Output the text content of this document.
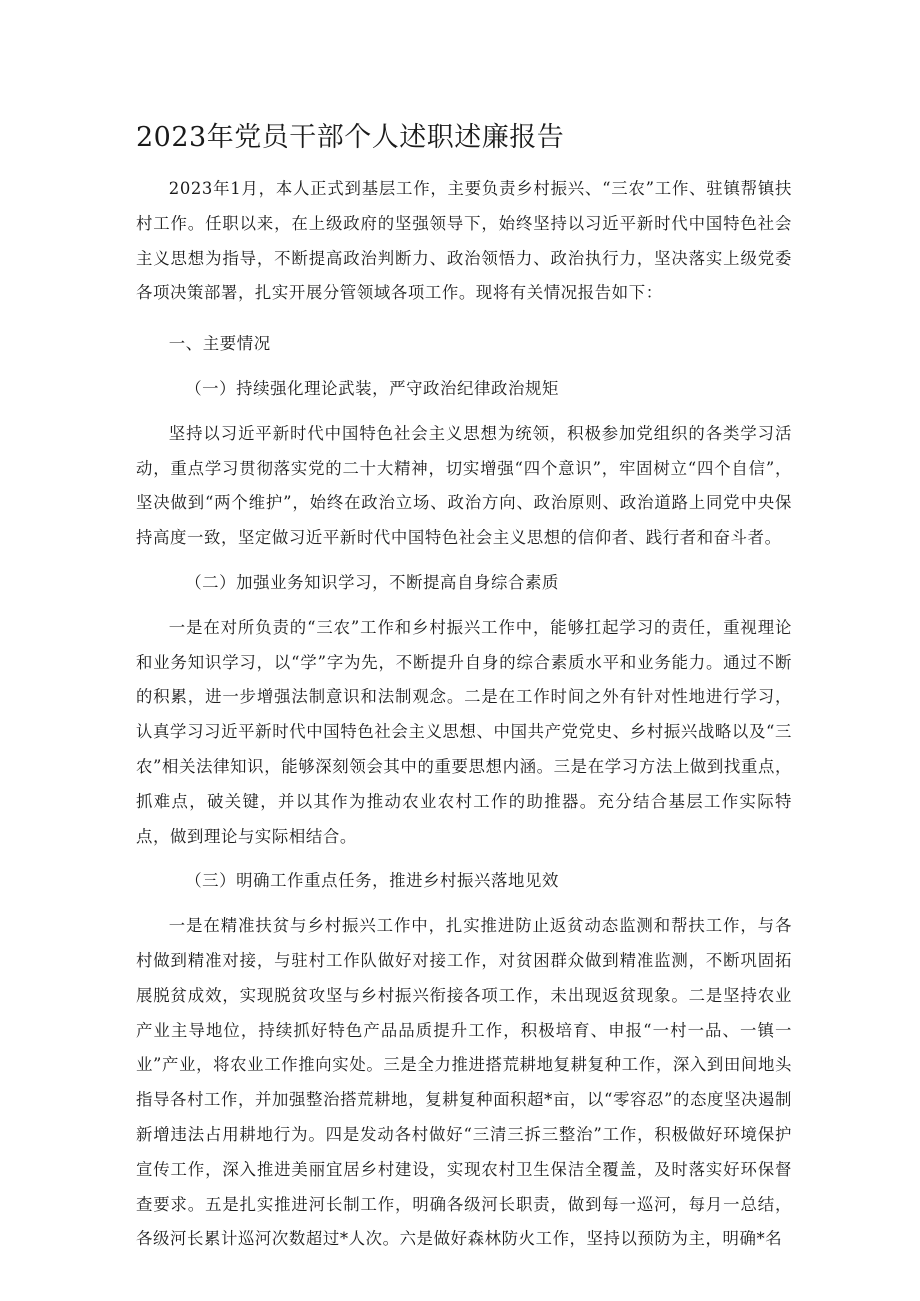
2023年党员干部个人述职述廉报告

2023年1月，本人正式到基层工作，主要负责乡村振兴、“三农”工作、驻镇帮镇扶村工作。任职以来，在上级政府的坚强领导下，始终坚持以习近平新时代中国特色社会主义思想为指导，不断提高政治判断力、政治领悟力、政治执行力，坚决落实上级党委各项决策部署，扎实开展分管领域各项工作。现将有关情况报告如下：

一、主要情况

（一）持续强化理论武装，严守政治纪律政治规矩

坚持以习近平新时代中国特色社会主义思想为统领，积极参加党组织的各类学习活动，重点学习贯彻落实党的二十大精神，切实增强“四个意识”，牢固树立“四个自信”，坚决做到“两个维护”，始终在政治立场、政治方向、政治原则、政治道路上同党中央保持高度一致，坚定做习近平新时代中国特色社会主义思想的信仰者、践行者和奋斗者。

（二）加强业务知识学习，不断提高自身综合素质

一是在对所负责的“三农”工作和乡村振兴工作中，能够扛起学习的责任，重视理论和业务知识学习，以“学”字为先，不断提升自身的综合素质水平和业务能力。通过不断的积累，进一步增强法制意识和法制观念。二是在工作时间之外有针对性地进行学习，认真学习习近平新时代中国特色社会主义思想、中国共产党党史、乡村振兴战略以及“三农”相关法律知识，能够深刻领会其中的重要思想内涵。三是在学习方法上做到找重点，抓难点，破关键，并以其作为推动农业农村工作的助推器。充分结合基层工作实际特点，做到理论与实际相结合。

（三）明确工作重点任务，推进乡村振兴落地见效

一是在精准扶贫与乡村振兴工作中，扎实推进防止返贫动态监测和帮扶工作，与各村做到精准对接，与驻村工作队做好对接工作，对贫困群众做到精准监测，不断巩固拓展脱贫成效，实现脱贫攻坚与乡村振兴衔接各项工作，未出现返贫现象。二是坚持农业产业主导地位，持续抓好特色产品品质提升工作，积极培育、申报“一村一品、一镇一业”产业，将农业工作推向实处。三是全力推进搭荒耕地复耕复种工作，深入到田间地头指导各村工作，并加强整治搭荒耕地，复耕复种面积超*亩，以“零容忍”的态度坚决遏制新增违法占用耕地行为。四是发动各村做好“三清三拆三整治”工作，积极做好环境保护宣传工作，深入推进美丽宜居乡村建设，实现农村卫生保洁全覆盖，及时落实好环保督查要求。五是扎实推进河长制工作，明确各级河长职责，做到每一巡河，每月一总结，各级河长累计巡河次数超过*人次。六是做好森林防火工作，坚持以预防为主，明确*名
